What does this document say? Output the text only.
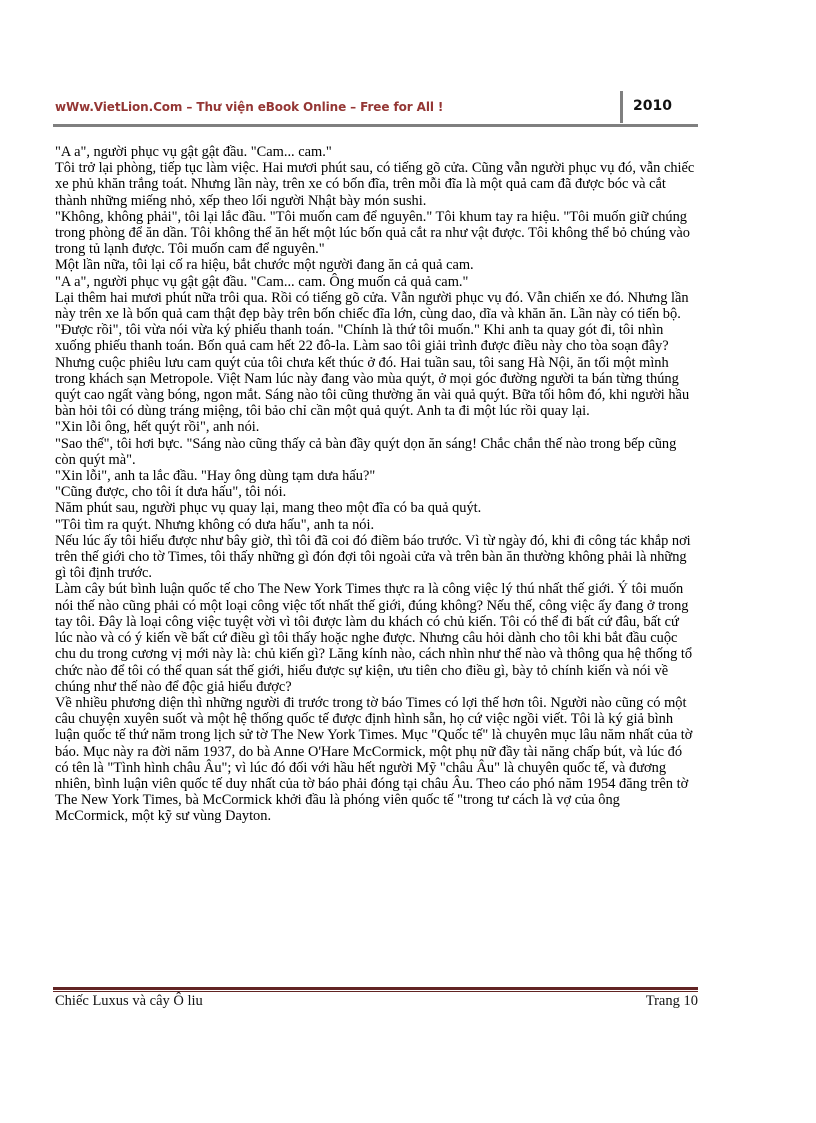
wWw.VietLion.Com – Thư viện eBook Online – Free for All !	2010

"A a", người phục vụ gật gật đầu. "Cam... cam."

Tôi trở lại phòng, tiếp tục làm việc. Hai mươi phút sau, có tiếng gõ cửa. Cũng vẫn người phục vụ đó, vẫn chiếc xe phủ khăn trắng toát. Nhưng lần này, trên xe có bốn đĩa, trên mỗi đĩa là một quả cam đã được bóc và cắt thành những miếng nhỏ, xếp theo lối người Nhật bày món sushi.

"Không, không phải", tôi lại lắc đầu. "Tôi muốn cam để nguyên." Tôi khum tay ra hiệu. "Tôi muốn giữ chúng trong phòng để ăn dần. Tôi không thể ăn hết một lúc bốn quả cắt ra như vật được. Tôi không thể bỏ chúng vào trong tủ lạnh được. Tôi muốn cam để nguyên."

Một lần nữa, tôi lại cố ra hiệu, bắt chước một người đang ăn cả quả cam.

"A a", người phục vụ gật gật đầu. "Cam... cam. Ông muốn cả quả cam."

Lại thêm hai mươi phút nữa trôi qua. Rồi có tiếng gõ cửa. Vẫn người phục vụ đó. Vẫn chiến xe đó. Nhưng lần này trên xe là bốn quả cam thật đẹp bày trên bốn chiếc đĩa lớn, cùng dao, dĩa và khăn ăn. Lần này có tiến bộ.

"Được rồi", tôi vừa nói vừa ký phiếu thanh toán. "Chính là thứ tôi muốn." Khi anh ta quay gót đi, tôi nhìn xuống phiếu thanh toán. Bốn quả cam hết 22 đô-la. Làm sao tôi giải trình được điều này cho tòa soạn đây?

Nhưng cuộc phiêu lưu cam quýt của tôi chưa kết thúc ở đó. Hai tuần sau, tôi sang Hà Nội, ăn tối một mình trong khách sạn Metropole. Việt Nam lúc này đang vào mùa quýt, ở mọi góc đường người ta bán từng thúng quýt cao ngất vàng bóng, ngon mắt. Sáng nào tôi cũng thường ăn vài quả quýt. Bữa tối hôm đó, khi người hầu bàn hỏi tôi có dùng tráng miệng, tôi bảo chỉ cần một quả quýt. Anh ta đi một lúc rồi quay lại.

"Xin lỗi ông, hết quýt rồi", anh nói.

"Sao thế", tôi hơi bực. "Sáng nào cũng thấy cả bàn đầy quýt dọn ăn sáng! Chắc chắn thế nào trong bếp cũng còn quýt mà".

"Xin lỗi", anh ta lắc đầu. "Hay ông dùng tạm dưa hấu?"

"Cũng được, cho tôi ít dưa hấu", tôi nói.

Năm phút sau, người phục vụ quay lại, mang theo một đĩa có ba quả quýt.

"Tôi tìm ra quýt. Nhưng không có dưa hấu", anh ta nói.

Nếu lúc ấy tôi hiểu được như bây giờ, thì tôi đã coi đó điềm báo trước. Vì từ ngày đó, khi đi công tác khắp nơi trên thế giới cho tờ Times, tôi thấy những gì đón đợi tôi ngoài cửa và trên bàn ăn thường không phải là những gì tôi định trước.

Làm cây bút bình luận quốc tế cho The New York Times thực ra là công việc lý thú nhất thế giới. Ý tôi muốn nói thế nào cũng phải có một loại công việc tốt nhất thế giới, đúng không? Nếu thế, công việc ấy đang ở trong tay tôi. Đây là loại công việc tuyệt vời vì tôi được làm du khách có chủ kiến. Tôi có thể đi bất cứ đâu, bất cứ lúc nào và có ý kiến về bất cứ điều gì tôi thấy hoặc nghe được. Nhưng câu hỏi dành cho tôi khi bắt đầu cuộc chu du trong cương vị mới này là: chủ kiến gì? Lăng kính nào, cách nhìn như thế nào và thông qua hệ thống tổ chức nào để tôi có thể quan sát thế giới, hiểu được sự kiện, ưu tiên cho điều gì, bày tỏ chính kiến và nói về chúng như thế nào để độc giả hiểu được?

Về nhiều phương diện thì những người đi trước trong tờ báo Times có lợi thế hơn tôi. Người nào cũng có một câu chuyện xuyên suốt và một hệ thống quốc tế được định hình sẵn, họ cứ việc ngồi viết. Tôi là ký giả bình luận quốc tế thứ năm trong lịch sử tờ The New York Times. Mục "Quốc tế" là chuyên mục lâu năm nhất của tờ báo. Mục này ra đời năm 1937, do bà Anne O'Hare McCormick, một phụ nữ đầy tài năng chấp bút, và lúc đó có tên là "Tình hình châu Âu"; vì lúc đó đối với hầu hết người Mỹ "châu Âu" là chuyên quốc tế, và đương nhiên, bình luận viên quốc tế duy nhất của tờ báo phải đóng tại châu Âu. Theo cáo phó năm 1954 đăng trên tờ The New York Times, bà McCormick khởi đầu là phóng viên quốc tế "trong tư cách là vợ của ông McCormick, một kỹ sư vùng Dayton.

Chiếc Luxus và cây Ô liu	Trang 10
